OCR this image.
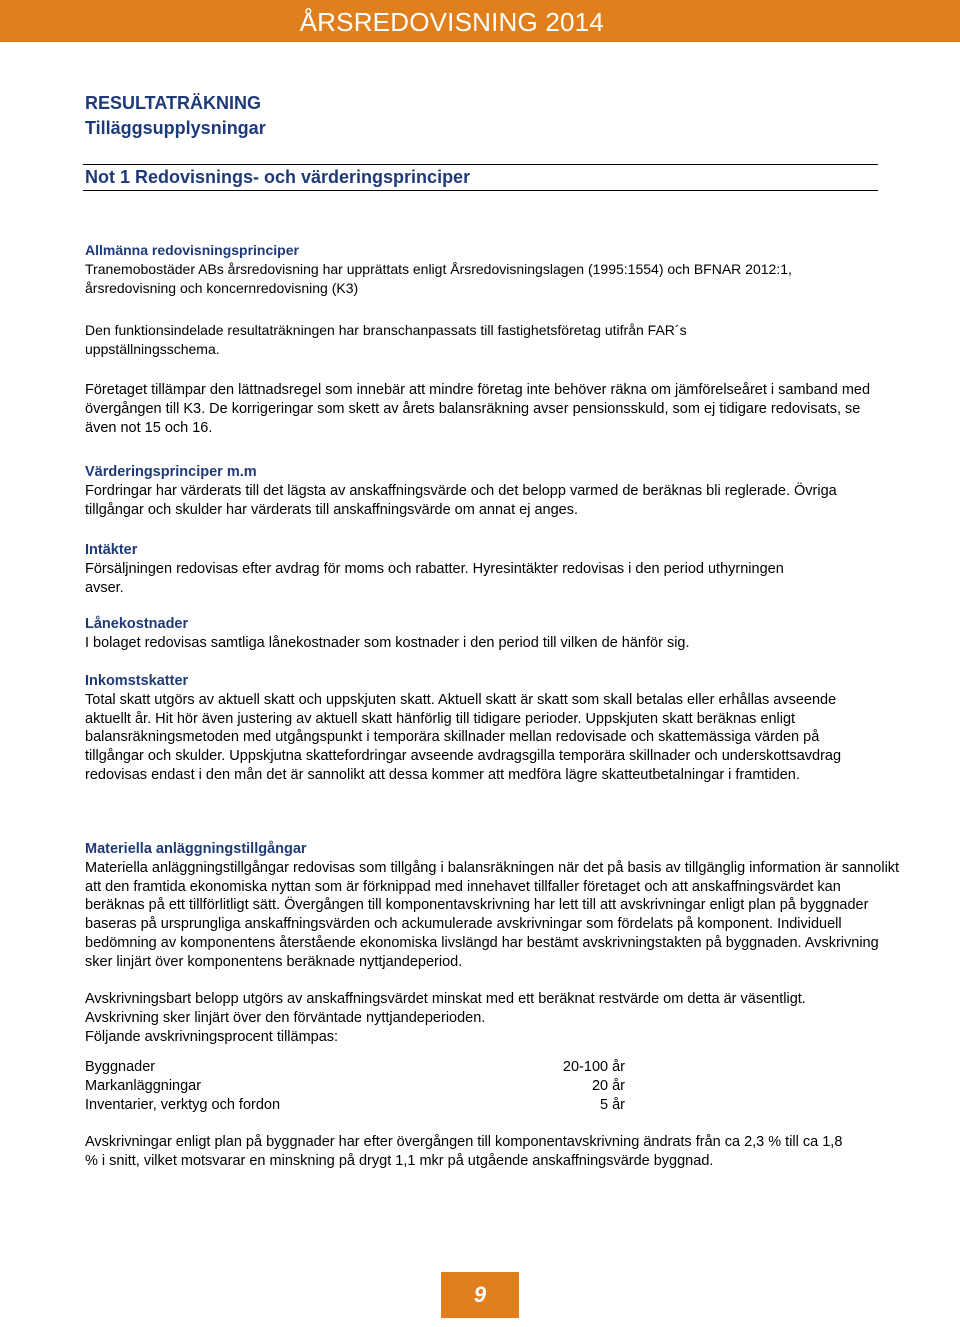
ÅRSREDOVISNING 2014
RESULTATRÄKNING
Tilläggsupplysningar
Not 1 Redovisnings- och värderingsprinciper
Allmänna redovisningsprinciper
Tranemobostäder ABs årsredovisning har upprättats enligt Årsredovisningslagen (1995:1554) och BFNAR 2012:1, årsredovisning och koncernredovisning (K3)
Den funktionsindelade resultaträkningen har branschanpassats till fastighetsföretag utifrån FAR´s uppställningsschema.
Företaget tillämpar den lättnadsregel som innebär att mindre företag inte behöver räkna om jämförelseåret i samband med övergången till K3. De korrigeringar som skett av årets balansräkning avser pensionsskuld, som ej tidigare redovisats, se även not 15 och 16.
Värderingsprinciper m.m
Fordringar har värderats till det lägsta av anskaffningsvärde och det belopp varmed de beräknas bli reglerade. Övriga tillgångar och skulder har värderats till anskaffningsvärde om annat ej anges.
Intäkter
Försäljningen redovisas efter avdrag för moms och rabatter. Hyresintäkter redovisas i den period uthyrningen avser.
Lånekostnader
I bolaget redovisas samtliga lånekostnader som kostnader i den period till vilken de hänför sig.
Inkomstskatter
Total skatt utgörs av aktuell skatt och uppskjuten skatt. Aktuell skatt är skatt som skall betalas eller erhållas avseende aktuellt år. Hit hör även justering av aktuell skatt hänförlig till tidigare perioder. Uppskjuten skatt beräknas enligt balansräkningsmetoden med utgångspunkt i temporära skillnader mellan redovisade och skattemässiga värden på tillgångar och skulder. Uppskjutna skattefordringar avseende avdragsgilla temporära skillnader och underskottsavdrag redovisas endast i den mån det är sannolikt att dessa kommer att medföra lägre skatteutbetalningar i framtiden.
Materiella anläggningstillgångar
Materiella anläggningstillgångar redovisas som tillgång i balansräkningen när det på basis av tillgänglig information är sannolikt att den framtida ekonomiska nyttan som är förknippad med innehavet tillfaller företaget och att anskaffningsvärdet kan beräknas på ett tillförlitligt sätt. Övergången till komponentavskrivning har lett till att avskrivningar enligt plan på byggnader baseras på ursprungliga anskaffningsvärden och ackumulerade avskrivningar som fördelats på komponent. Individuell bedömning av komponentens återstående ekonomiska livslängd har bestämt avskrivningstakten på byggnaden. Avskrivning sker linjärt över komponentens beräknade nyttjandeperiod.
Avskrivningsbart belopp utgörs av anskaffningsvärdet minskat med ett beräknat restvärde om detta är väsentligt.
Avskrivning sker linjärt över den förväntade nyttjandeperioden.
Följande avskrivningsprocent tillämpas:
Byggnader	20-100 år
Markanläggningar	20 år
Inventarier, verktyg och fordon	5 år
Avskrivningar enligt plan på byggnader har efter övergången till komponentavskrivning ändrats från ca 2,3 % till ca 1,8 % i snitt, vilket motsvarar en minskning på drygt 1,1 mkr på utgående anskaffningsvärde byggnad.
9
